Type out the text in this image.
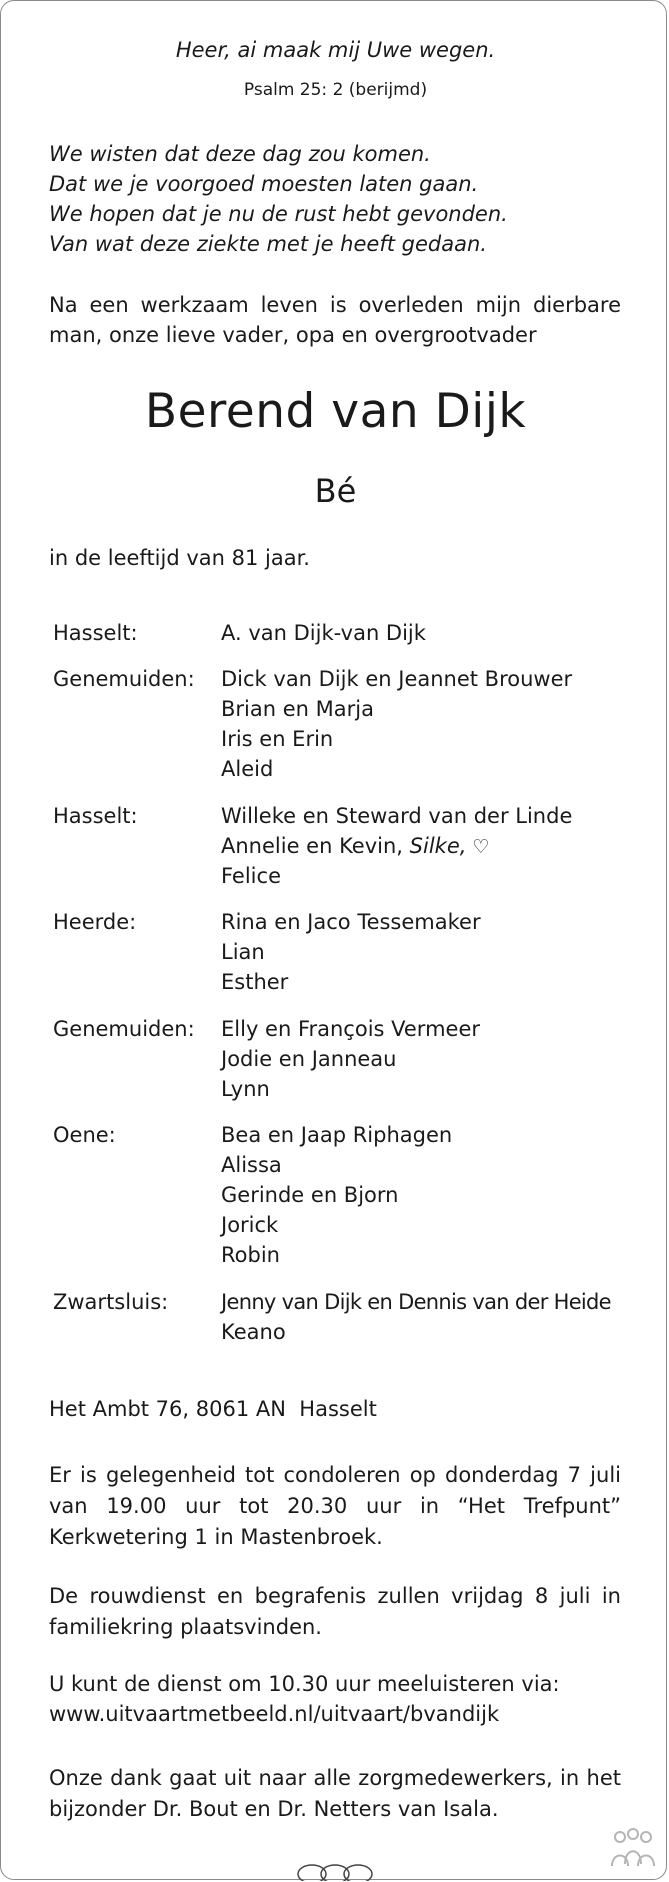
Heer, ai maak mij Uwe wegen.
Psalm 25: 2 (berijmd)
We wisten dat deze dag zou komen.
Dat we je voorgoed moesten laten gaan.
We hopen dat je nu de rust hebt gevonden.
Van wat deze ziekte met je heeft gedaan.
Na een werkzaam leven is overleden mijn dierbare
man, onze lieve vader, opa en overgrootvader
Berend van Dijk
Bé
in de leeftijd van 81 jaar.
Hasselt:	A. van Dijk-van Dijk
Genemuiden: Dick van Dijk en Jeannet Brouwer
Brian en Marja
Iris en Erin
Aleid
Hasselt:	Willeke en Steward van der Linde
Annelie en Kevin, Silke, ♡
Felice
Heerde:	Rina en Jaco Tessemaker
Lian
Esther
Genemuiden: Elly en François Vermeer
Jodie en Janneau
Lynn
Oene:	Bea en Jaap Riphagen
Alissa
Gerinde en Bjorn
Jorick
Robin
Zwartsluis:	Jenny van Dijk en Dennis van der Heide
Keano
Het Ambt 76, 8061 AN  Hasselt
Er is gelegenheid tot condoleren op donderdag 7 juli van 19.00 uur tot 20.30 uur in “Het Trefpunt” Kerkwetering 1 in Mastenbroek.
De rouwdienst en begrafenis zullen vrijdag 8 juli in familiekring plaatsvinden.
U kunt de dienst om 10.30 uur meeluisteren via:
www.uitvaartmetbeeld.nl/uitvaart/bvandijk
Onze dank gaat uit naar alle zorgmedewerkers, in het bijzonder Dr. Bout en Dr. Netters van Isala.
